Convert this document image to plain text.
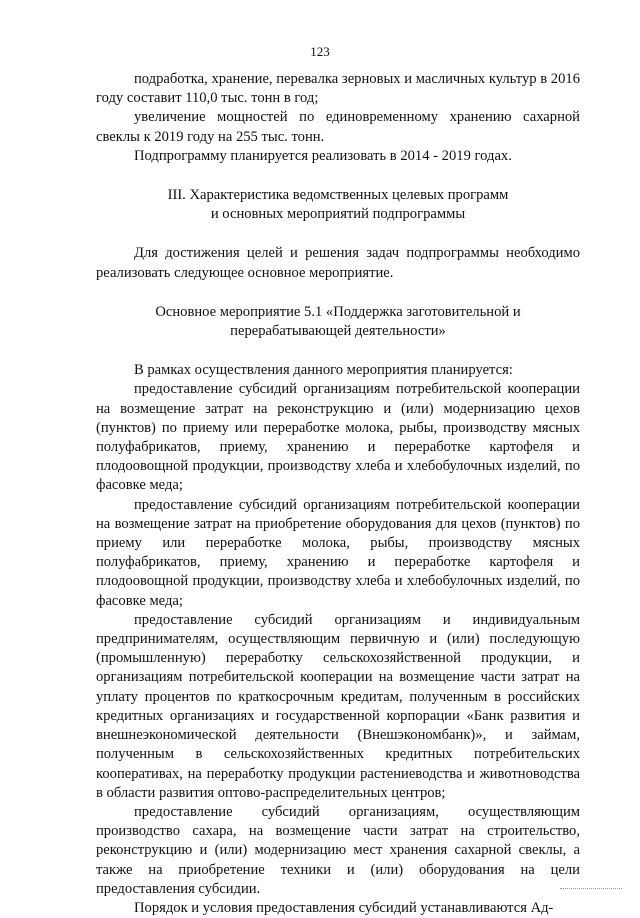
123

подработка, хранение, перевалка зерновых и масличных культур в 2016 году составит 110,0 тыс. тонн в год;

увеличение мощностей по единовременному хранению сахарной свеклы к 2019 году на 255 тыс. тонн.

Подпрограмму планируется реализовать в 2014 - 2019 годах.

III. Характеристика ведомственных целевых программ
и основных мероприятий подпрограммы

Для достижения целей и решения задач подпрограммы необходимо реализовать следующее основное мероприятие.

Основное мероприятие 5.1 «Поддержка заготовительной и
перерабатывающей деятельности»

В рамках осуществления данного мероприятия планируется:

предоставление субсидий организациям потребительской кооперации на возмещение затрат на реконструкцию и (или) модернизацию цехов (пунктов) по приему или переработке молока, рыбы, производству мясных полуфабрикатов, приему, хранению и переработке картофеля и плодоовощной продукции, производству хлеба и хлебобулочных изделий, по фасовке меда;

предоставление субсидий организациям потребительской кооперации на возмещение затрат на приобретение оборудования для цехов (пунктов) по приему или переработке молока, рыбы, производству мясных полуфабрикатов, приему, хранению и переработке картофеля и плодоовощной продукции, производству хлеба и хлебобулочных изделий, по фасовке меда;

предоставление субсидий организациям и индивидуальным предпринимателям, осуществляющим первичную и (или) последующую (промышленную) переработку сельскохозяйственной продукции, и организациям потребительской кооперации на возмещение части затрат на уплату процентов по краткосрочным кредитам, полученным в российских кредитных организациях и государственной корпорации «Банк развития и внешнеэкономической деятельности (Внешэкономбанк)», и займам, полученным в сельскохозяйственных кредитных потребительских кооперативах, на переработку продукции растениеводства и животноводства в области развития оптово-распределительных центров;

предоставление субсидий организациям, осуществляющим производство сахара, на возмещение части затрат на строительство, реконструкцию и (или) модернизацию мест хранения сахарной свеклы, а также на приобретение техники и (или) оборудования на цели предоставления субсидии.

Порядок и условия предоставления субсидий устанавливаются Ад-
